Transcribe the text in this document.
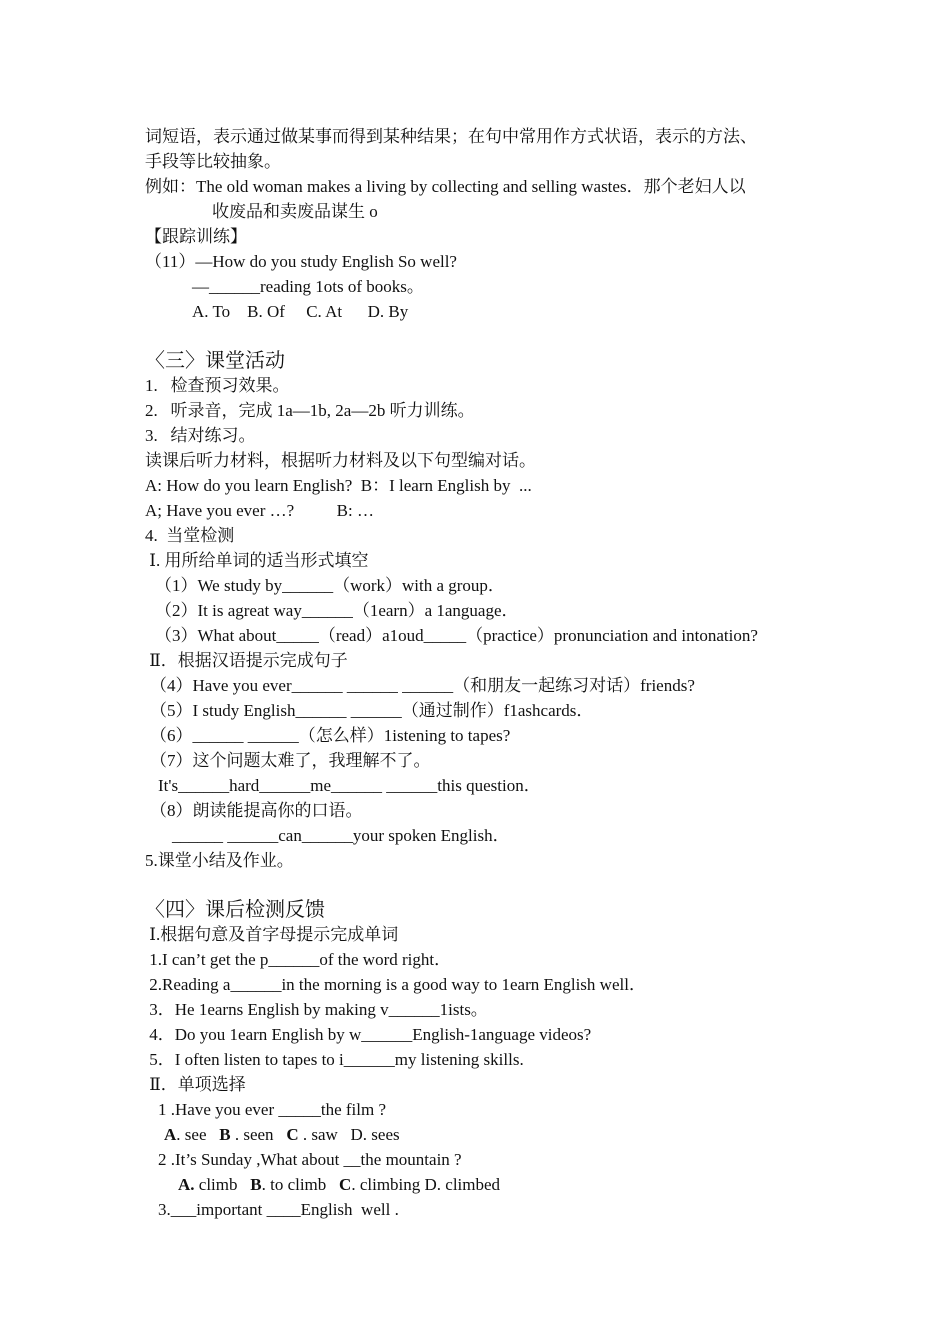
词短语，表示通过做某事而得到某种结果；在句中常用作方式状语，表示的方法、
手段等比较抽象。
例如：The old woman makes a living by collecting and selling wastes．那个老妇人以
收废品和卖废品谋生 o
【跟踪训练】
（11）—How do you study English So well?
—______reading 1ots of books。
A. To    B. Of     C. At      D. By
〈三〉课堂活动
1.   检查预习效果。
2.   听录音，完成 1a—1b, 2a—2b 听力训练。
3.   结对练习。
读课后听力材料，根据听力材料及以下句型编对话。
A: How do you learn English?  B：I learn English by  ...
A; Have you ever …?          B: …
4.  当堂检测
Ⅰ. 用所给单词的适当形式填空
（1）We study by______（work）with a group．
（2）It is agreat way______（1earn）a 1anguage．
（3）What about_____（read）a1oud_____（practice）pronunciation and intonation?
Ⅱ．根据汉语提示完成句子
（4）Have you ever______ ______ ______（和朋友一起练习对话）friends?
（5）I study English______ ______（通过制作）f1ashcards．
（6）______ ______（怎么样）1istening to tapes?
（7）这个问题太难了，我理解不了。
It's______hard______me______ ______this question．
（8）朗读能提高你的口语。
______ ______can______your spoken English．
5.课堂小结及作业。
〈四〉课后检测反馈
Ⅰ.根据句意及首字母提示完成单词
1.I can’t get the p______of the word right．
2.Reading a______in the morning is a good way to 1earn English well．
3．He 1earns English by making v______1ists。
4．Do you 1earn English by w______English-1anguage videos?
5．I often listen to tapes to i______my listening skills.
Ⅱ．单项选择
1 .Have you ever _____the film ?
A. see   B . seen   C . saw   D. sees
2 .It’s Sunday ,What about __the mountain ?
A. climb   B. to climb   C. climbing D. climbed
3.___important ____English  well .
